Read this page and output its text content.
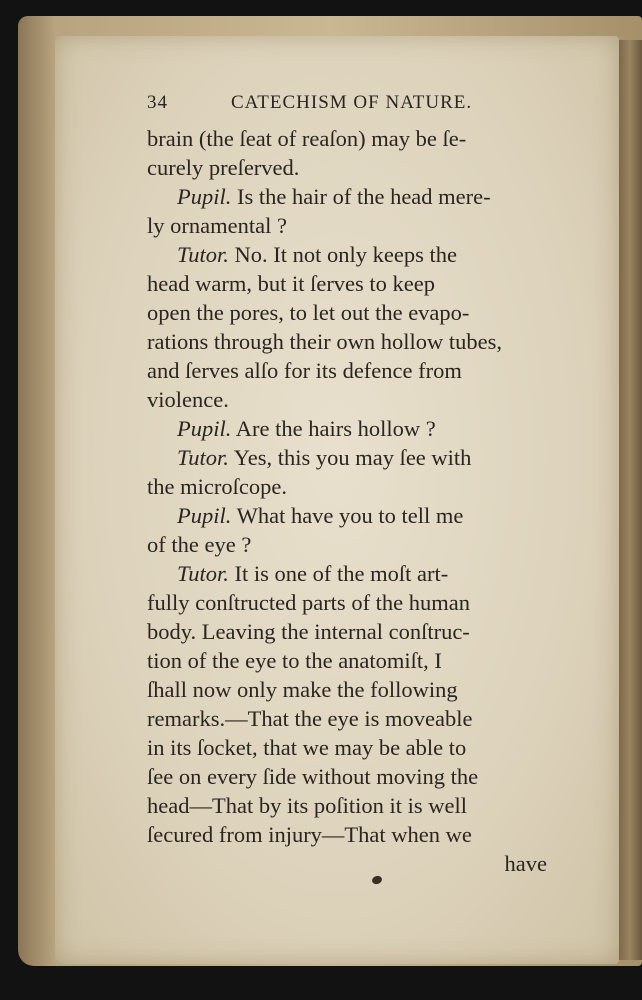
34	CATECHISM OF NATURE.
brain (the ſeat of reaſon) may be ſe-
curely preſerved.
Pupil. Is the hair of the head mere-
ly ornamental ?
Tutor. No. It not only keeps the
head warm, but it ſerves to keep
open the pores, to let out the evapo-
rations through their own hollow tubes,
and ſerves alſo for its defence from
violence.
Pupil. Are the hairs hollow ?
Tutor. Yes, this you may ſee with
the microſcope.
Pupil. What have you to tell me
of the eye ?
Tutor. It is one of the moſt art-
fully conſtructed parts of the human
body. Leaving the internal conſtruc-
tion of the eye to the anatomiſt, I
ſhall now only make the following
remarks.—That the eye is moveable
in its ſocket, that we may be able to
ſee on every ſide without moving the
head—That by its poſition it is well
ſecured from injury—That when we
have
